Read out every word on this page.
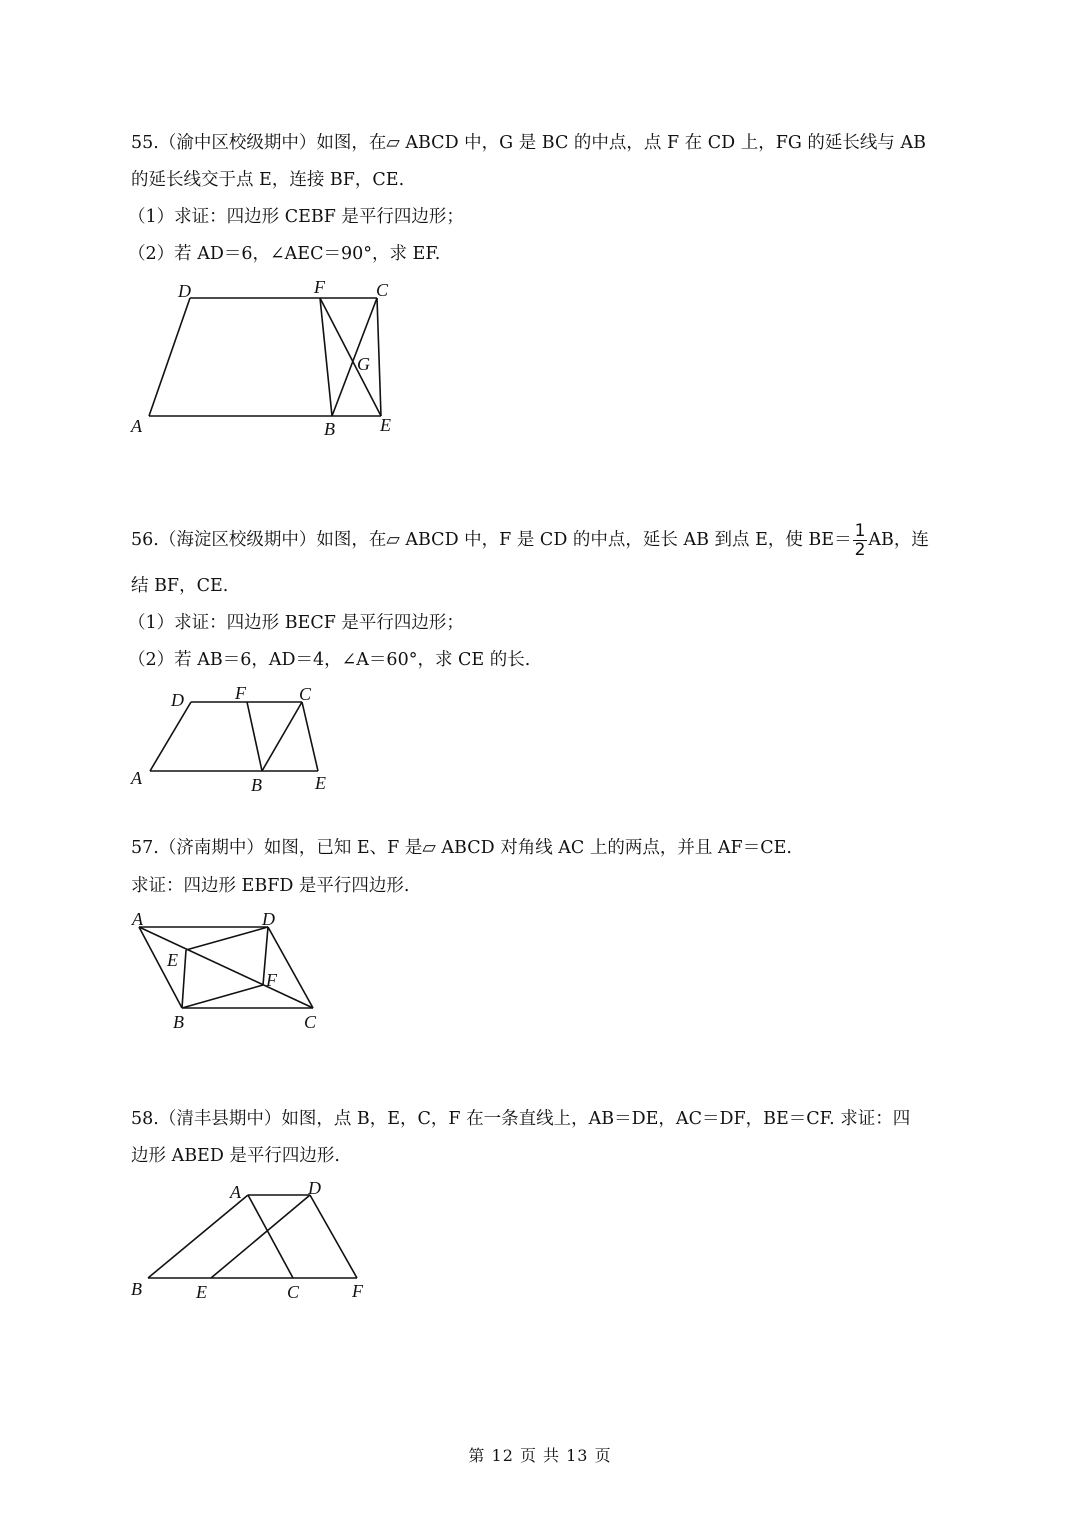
55.（渝中区校级期中）如图，在▱ ABCD 中，G 是 BC 的中点，点 F 在 CD 上，FG 的延长线与 AB
的延长线交于点 E，连接 BF，CE.
（1）求证：四边形 CEBF 是平行四边形；
（2）若 AD＝6，∠AEC＝90°，求 EF.
D	F	C
G
A	B	E
56.（海淀区校级期中）如图，在▱ ABCD 中，F 是 CD 的中点，延长 AB 到点 E，使 $BE= \frac{1}{2}$ AB，连
结 BF，CE.
（1）求证：四边形 BECF 是平行四边形；
（2）若 AB＝6，AD＝4，∠A＝60°，求 CE 的长.
D	F	C
A	B	E
57.（济南期中）如图，已知 E、F 是▱ ABCD 对角线 AC 上的两点，并且 AF＝CE.
求证：四边形 EBFD 是平行四边形.
A	D
E
F
B	C
58.（清丰县期中）如图，点 B，E，C，F 在一条直线上，AB＝DE，AC＝DF，BE＝CF. 求证：四
边形 ABED 是平行四边形.
A	D
B	E	C	F
第 12 页 共 13 页
